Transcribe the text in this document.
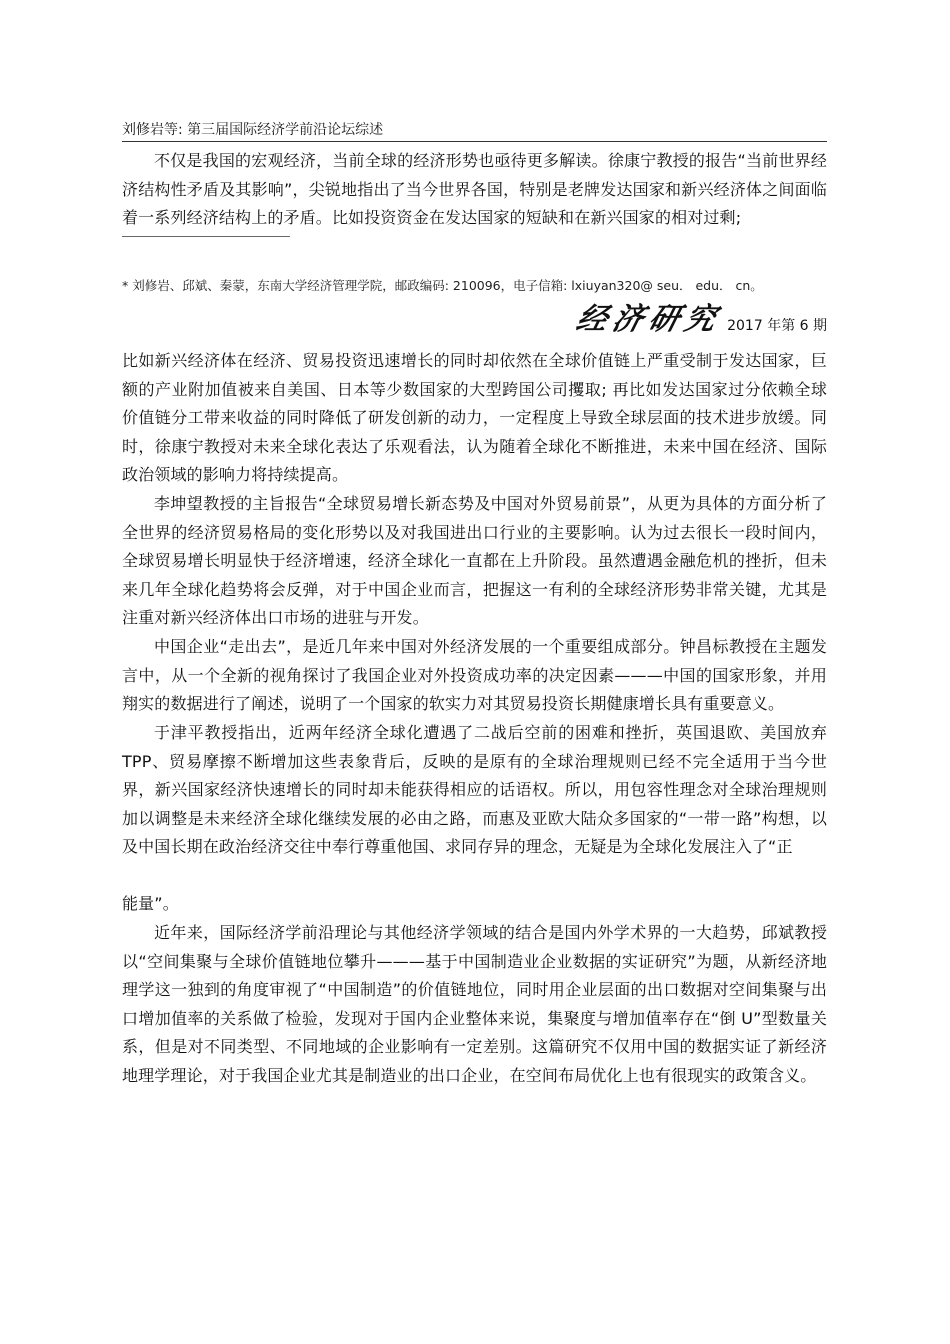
刘修岩等: 第三届国际经济学前沿论坛综述

不仅是我国的宏观经济，当前全球的经济形势也亟待更多解读。徐康宁教授的报告“当前世界经济结构性矛盾及其影响”，尖锐地指出了当今世界各国，特别是老牌发达国家和新兴经济体之间面临着一系列经济结构上的矛盾。比如投资资金在发达国家的短缺和在新兴国家的相对过剩;

* 刘修岩、邱斌、秦蒙，东南大学经济管理学院，邮政编码: 210096，电子信箱: lxiuyan320@ seu． edu． cn。
经济研究 2017 年第 6 期

比如新兴经济体在经济、贸易投资迅速增长的同时却依然在全球价值链上严重受制于发达国家，巨额的产业附加值被来自美国、日本等少数国家的大型跨国公司攫取; 再比如发达国家过分依赖全球价值链分工带来收益的同时降低了研发创新的动力，一定程度上导致全球层面的技术进步放缓。同时，徐康宁教授对未来全球化表达了乐观看法，认为随着全球化不断推进，未来中国在经济、国际政治领域的影响力将持续提高。

李坤望教授的主旨报告“全球贸易增长新态势及中国对外贸易前景”，从更为具体的方面分析了全世界的经济贸易格局的变化形势以及对我国进出口行业的主要影响。认为过去很长一段时间内，全球贸易增长明显快于经济增速，经济全球化一直都在上升阶段。虽然遭遇金融危机的挫折，但未来几年全球化趋势将会反弹，对于中国企业而言，把握这一有利的全球经济形势非常关键，尤其是注重对新兴经济体出口市场的进驻与开发。

中国企业“走出去”，是近几年来中国对外经济发展的一个重要组成部分。钟昌标教授在主题发言中，从一个全新的视角探讨了我国企业对外投资成功率的决定因素———中国的国家形象，并用翔实的数据进行了阐述，说明了一个国家的软实力对其贸易投资长期健康增长具有重要意义。

于津平教授指出，近两年经济全球化遭遇了二战后空前的困难和挫折，英国退欧、美国放弃 TPP、贸易摩擦不断增加这些表象背后，反映的是原有的全球治理规则已经不完全适用于当今世界，新兴国家经济快速增长的同时却未能获得相应的话语权。所以，用包容性理念对全球治理规则加以调整是未来经济全球化继续发展的必由之路，而惠及亚欧大陆众多国家的“一带一路”构想，以及中国长期在政治经济交往中奉行尊重他国、求同存异的理念，无疑是为全球化发展注入了“正

能量”。

近年来，国际经济学前沿理论与其他经济学领域的结合是国内外学术界的一大趋势，邱斌教授以“空间集聚与全球价值链地位攀升———基于中国制造业企业数据的实证研究”为题，从新经济地理学这一独到的角度审视了“中国制造”的价值链地位，同时用企业层面的出口数据对空间集聚与出口增加值率的关系做了检验，发现对于国内企业整体来说，集聚度与增加值率存在“倒 U”型数量关系，但是对不同类型、不同地域的企业影响有一定差别。这篇研究不仅用中国的数据实证了新经济地理学理论，对于我国企业尤其是制造业的出口企业，在空间布局优化上也有很现实的政策含义。
